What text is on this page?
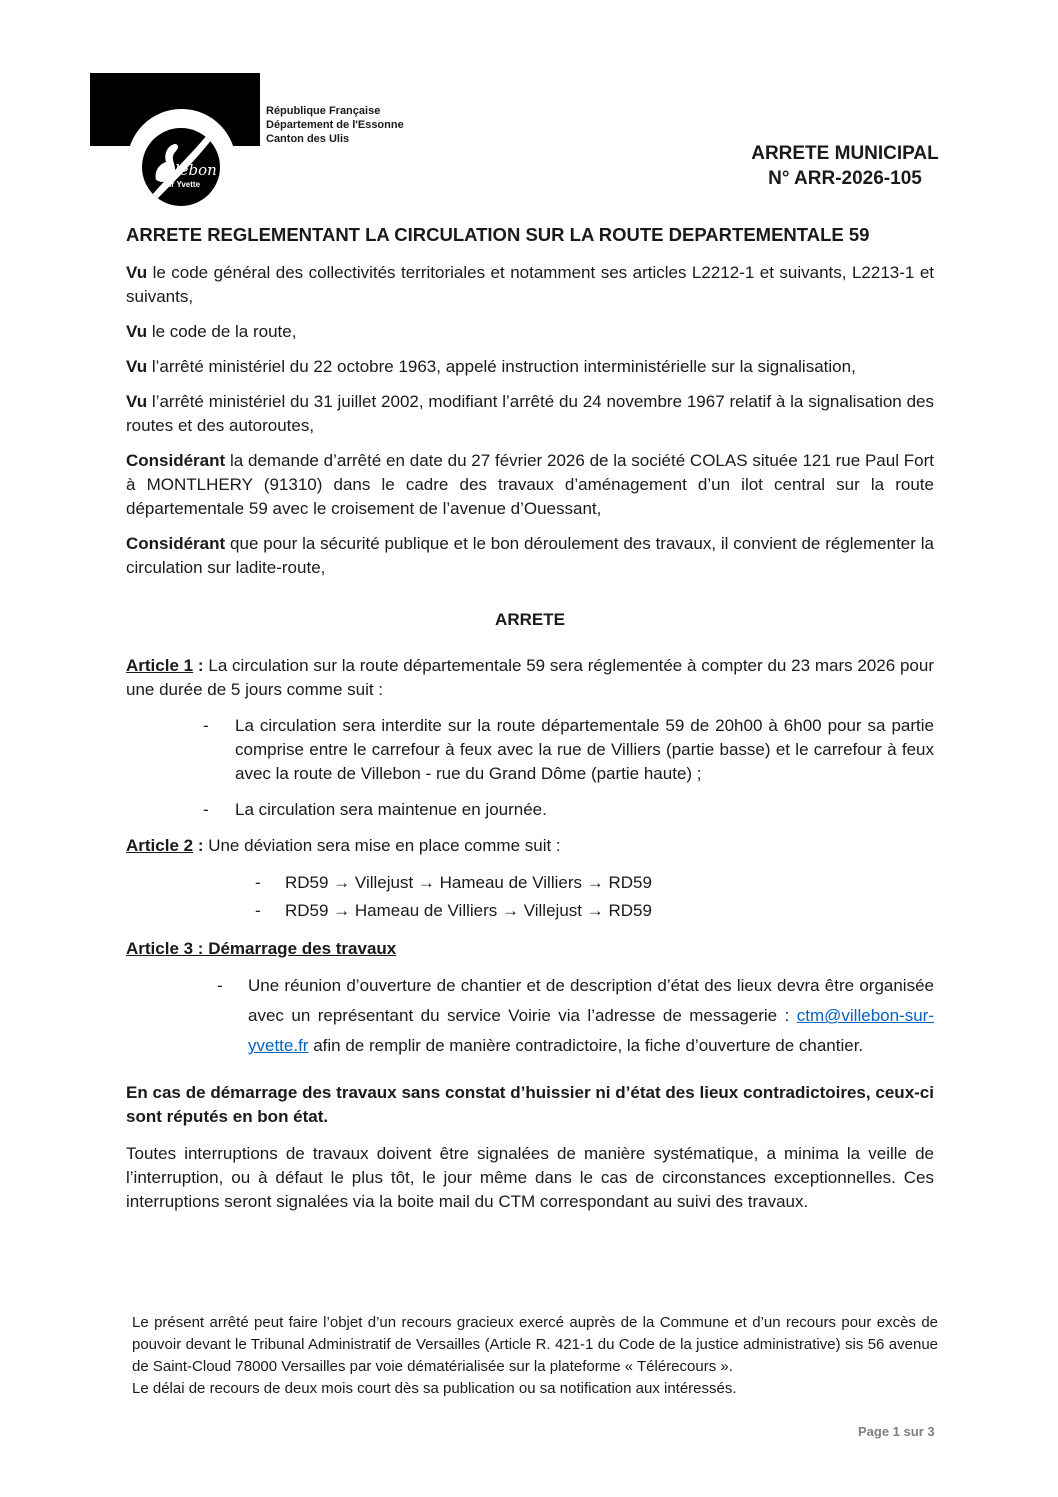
illebon
sur Yvette
République Française
Département de l'Essonne
Canton des Ulis
ARRETE MUNICIPAL
N° ARR-2026-105
ARRETE REGLEMENTANT LA CIRCULATION SUR LA ROUTE DEPARTEMENTALE 59
Vu le code général des collectivités territoriales et notamment ses articles L2212-1 et suivants, L2213-1 et suivants,
Vu le code de la route,
Vu l’arrêté ministériel du 22 octobre 1963, appelé instruction interministérielle sur la signalisation,
Vu l’arrêté ministériel du 31 juillet 2002, modifiant l’arrêté du 24 novembre 1967 relatif à la signalisation des routes et des autoroutes,
Considérant la demande d’arrêté en date du 27 février 2026 de la société COLAS située 121 rue Paul Fort à MONTLHERY (91310) dans le cadre des travaux d’aménagement d’un ilot central sur la route départementale 59 avec le croisement de l’avenue d’Ouessant,
Considérant que pour la sécurité publique et le bon déroulement des travaux, il convient de réglementer la circulation sur ladite-route,
ARRETE
Article 1 : La circulation sur la route départementale 59 sera réglementée à compter du 23 mars 2026 pour une durée de 5 jours comme suit :
-	La circulation sera interdite sur la route départementale 59 de 20h00 à 6h00 pour sa partie comprise entre le carrefour à feux avec la rue de Villiers (partie basse) et le carrefour à feux avec la route de Villebon - rue du Grand Dôme (partie haute) ;
-	La circulation sera maintenue en journée.
Article 2 : Une déviation sera mise en place comme suit :
-	RD59 → Villejust → Hameau de Villiers → RD59
-	RD59 → Hameau de Villiers → Villejust → RD59
Article 3 : Démarrage des travaux
-	Une réunion d’ouverture de chantier et de description d’état des lieux devra être organisée avec un représentant du service Voirie via l’adresse de messagerie : ctm@villebon-sur-yvette.fr afin de remplir de manière contradictoire, la fiche d’ouverture de chantier.
En cas de démarrage des travaux sans constat d’huissier ni d’état des lieux contradictoires, ceux-ci sont réputés en bon état.
Toutes interruptions de travaux doivent être signalées de manière systématique, a minima la veille de l’interruption, ou à défaut le plus tôt, le jour même dans le cas de circonstances exceptionnelles. Ces interruptions seront signalées via la boite mail du CTM correspondant au suivi des travaux.
Le présent arrêté peut faire l’objet d’un recours gracieux exercé auprès de la Commune et d’un recours pour excès de pouvoir devant le Tribunal Administratif de Versailles (Article R. 421-1 du Code de la justice administrative) sis 56 avenue de Saint-Cloud 78000 Versailles par voie dématérialisée sur la plateforme « Télérecours ».
Le délai de recours de deux mois court dès sa publication ou sa notification aux intéressés.
Page 1 sur 3
